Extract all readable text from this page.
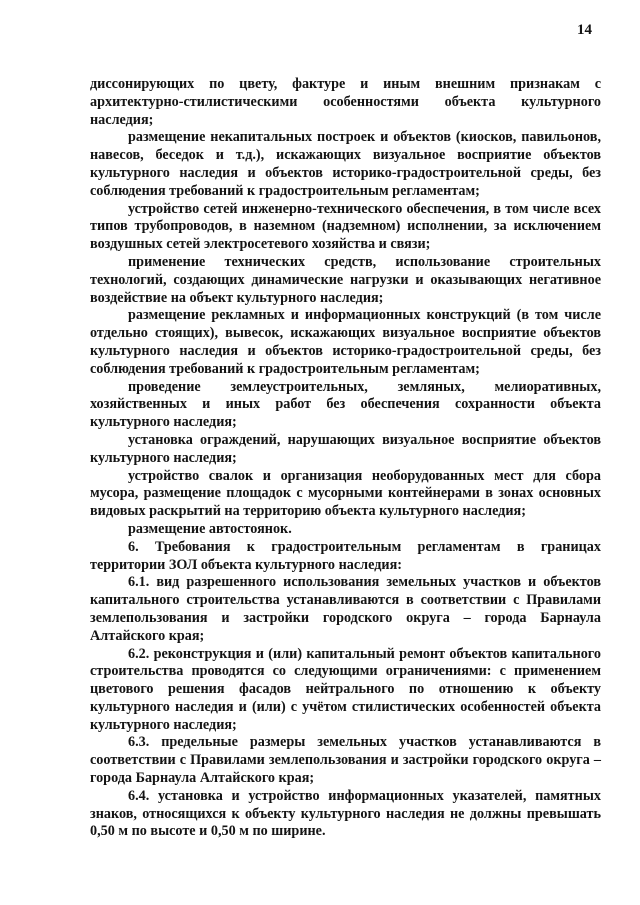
14

диссонирующих по цвету, фактуре и иным внешним признакам с архитектурно-стилистическими особенностями объекта культурного наследия;

размещение некапитальных построек и объектов (киосков, павильонов, навесов, беседок и т.д.), искажающих визуальное восприятие объектов культурного наследия и объектов историко-градостроительной среды, без соблюдения требований к градостроительным регламентам;

устройство сетей инженерно-технического обеспечения, в том числе всех типов трубопроводов, в наземном (надземном) исполнении, за исключением воздушных сетей электросетевого хозяйства и связи;

применение технических средств, использование строительных технологий, создающих динамические нагрузки и оказывающих негативное воздействие на объект культурного наследия;

размещение рекламных и информационных конструкций (в том числе отдельно стоящих), вывесок, искажающих визуальное восприятие объектов культурного наследия и объектов историко-градостроительной среды, без соблюдения требований к градостроительным регламентам;

проведение землеустроительных, земляных, мелиоративных, хозяйственных и иных работ без обеспечения сохранности объекта культурного наследия;

установка ограждений, нарушающих визуальное восприятие объектов культурного наследия;

устройство свалок и организация необорудованных мест для сбора мусора, размещение площадок с мусорными контейнерами в зонах основных видовых раскрытий на территорию объекта культурного наследия;

размещение автостоянок.

6. Требования к градостроительным регламентам в границах территории ЗОЛ объекта культурного наследия:

6.1. вид разрешенного использования земельных участков и объектов капитального строительства устанавливаются в соответствии с Правилами землепользования и застройки городского округа – города Барнаула Алтайского края;

6.2. реконструкция и (или) капитальный ремонт объектов капитального строительства проводятся со следующими ограничениями: с применением цветового решения фасадов нейтрального по отношению к объекту культурного наследия и (или) с учётом стилистических особенностей объекта культурного наследия;

6.3. предельные размеры земельных участков устанавливаются в соответствии с Правилами землепользования и застройки городского округа – города Барнаула Алтайского края;

6.4. установка и устройство информационных указателей, памятных знаков, относящихся к объекту культурного наследия не должны превышать 0,50 м по высоте и 0,50 м по ширине.
